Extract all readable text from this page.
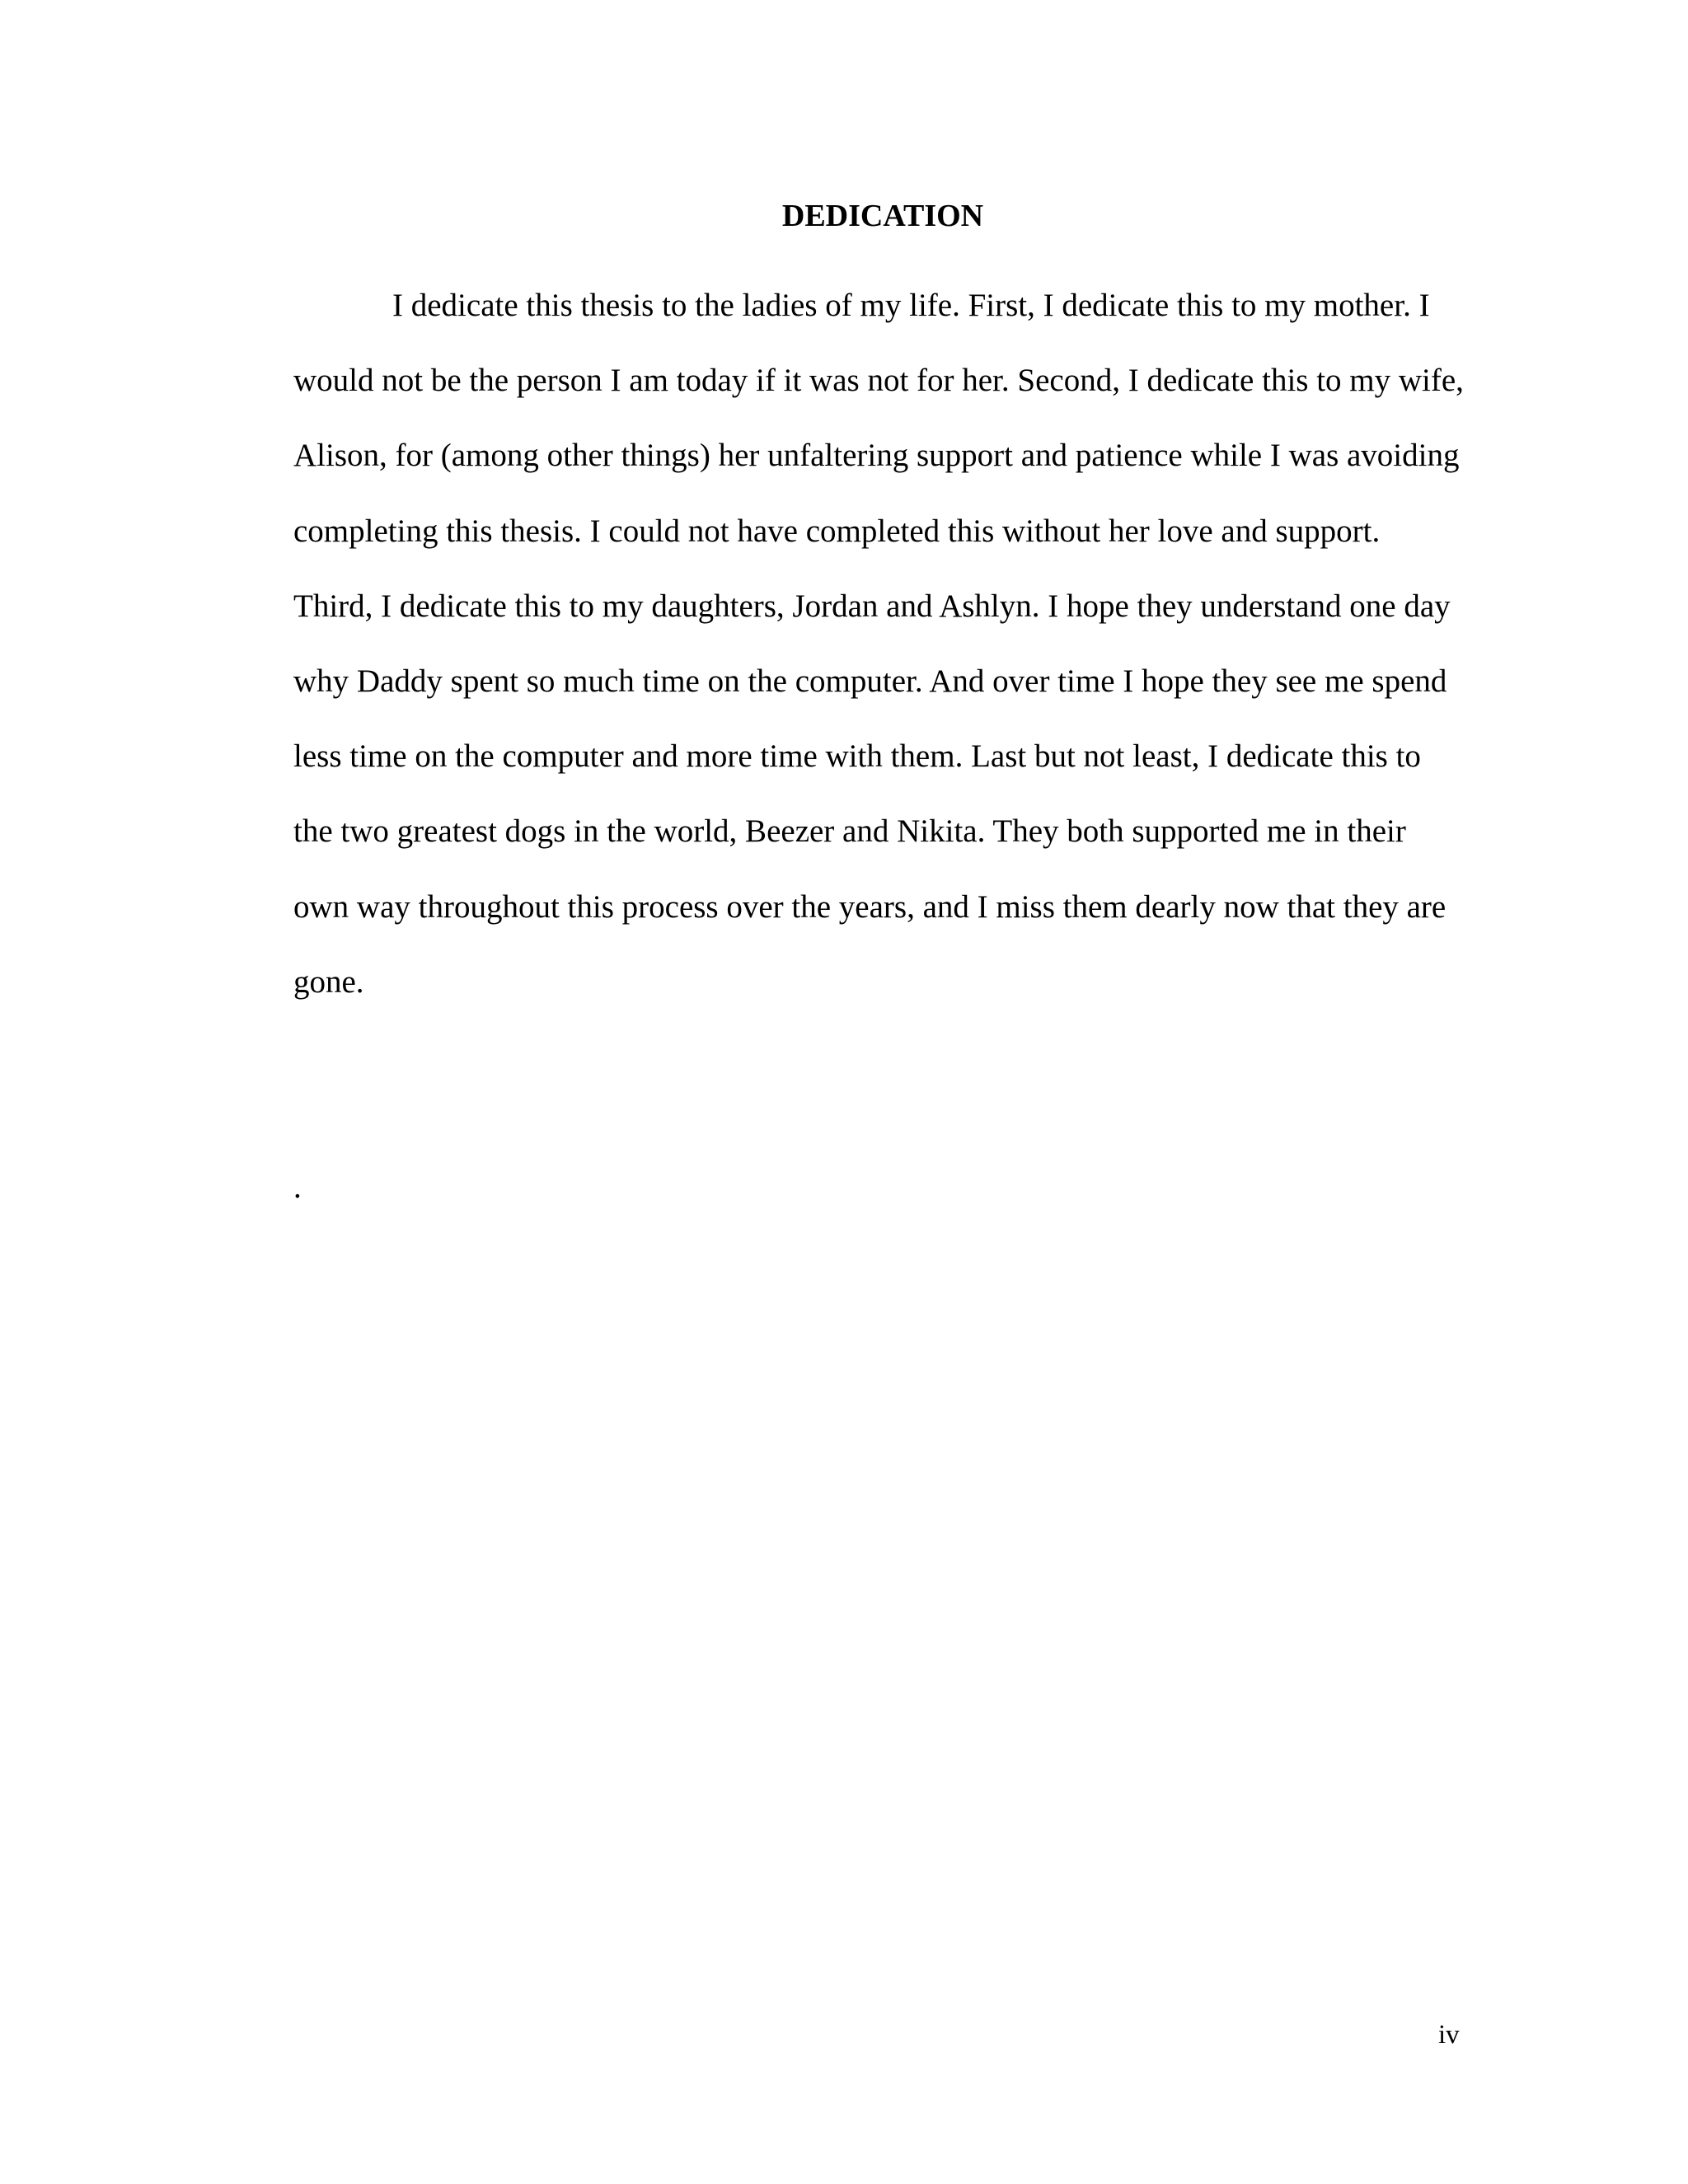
DEDICATION

I dedicate this thesis to the ladies of my life. First, I dedicate this to my mother. I would not be the person I am today if it was not for her. Second, I dedicate this to my wife, Alison, for (among other things) her unfaltering support and patience while I was avoiding completing this thesis. I could not have completed this without her love and support. Third, I dedicate this to my daughters, Jordan and Ashlyn. I hope they understand one day why Daddy spent so much time on the computer. And over time I hope they see me spend less time on the computer and more time with them. Last but not least, I dedicate this to the two greatest dogs in the world, Beezer and Nikita. They both supported me in their own way throughout this process over the years, and I miss them dearly now that they are gone.

.
iv
